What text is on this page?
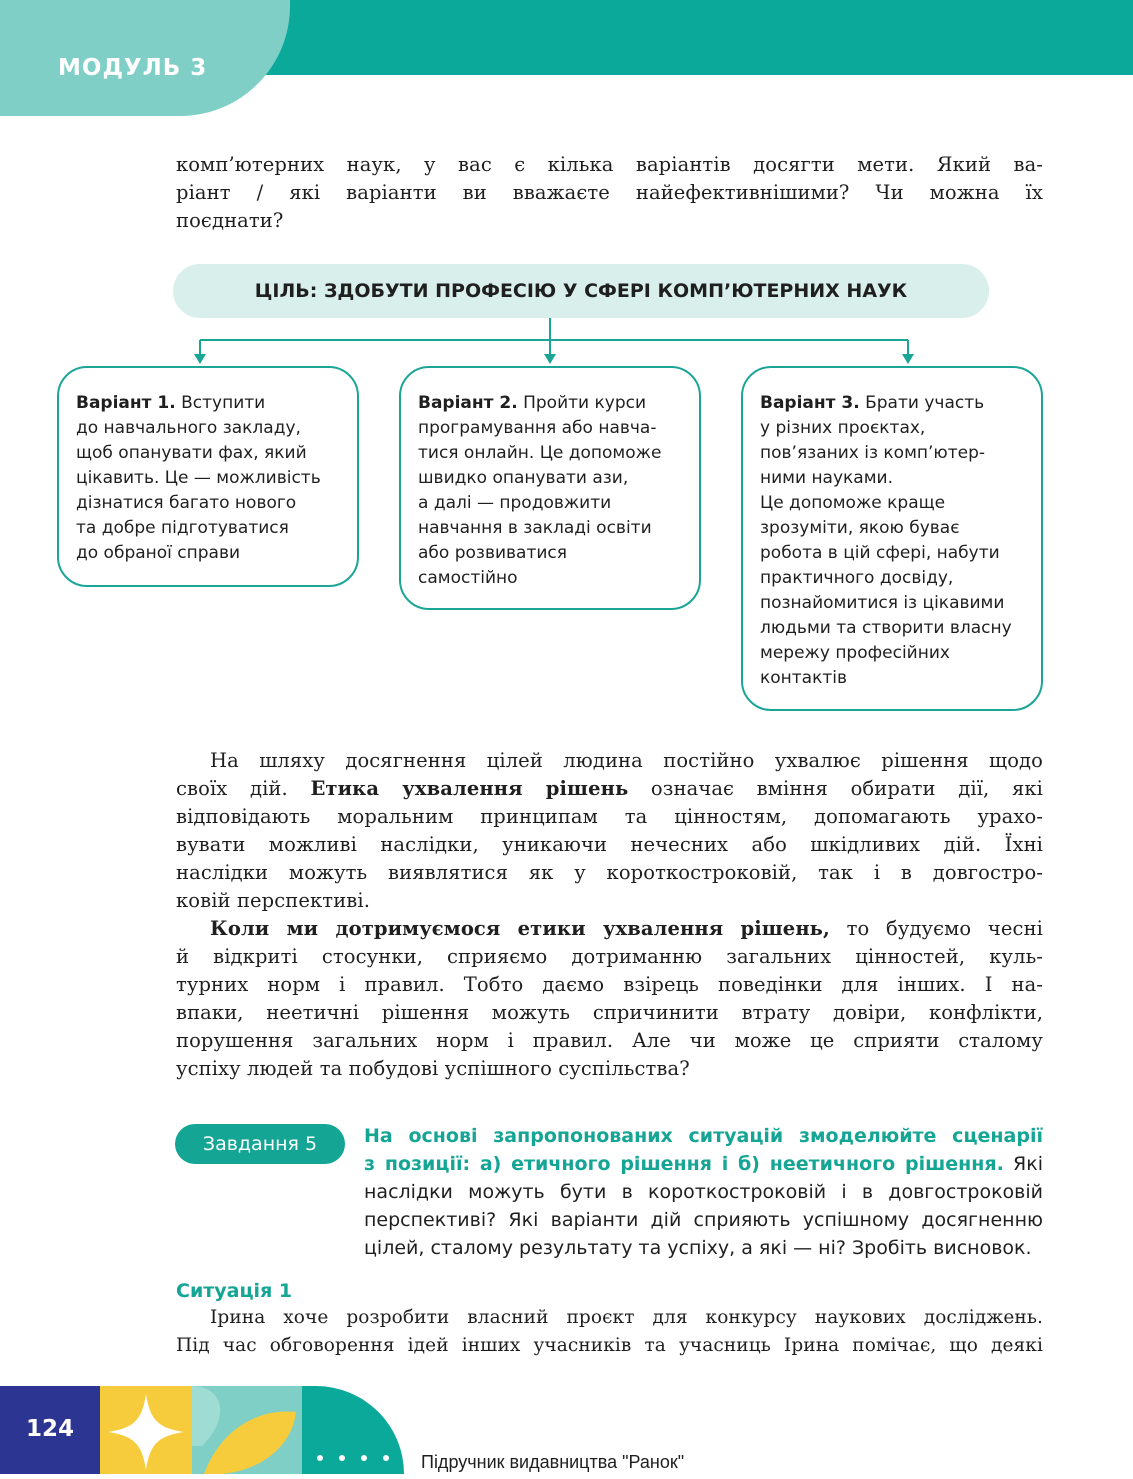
МОДУЛЬ 3
комп’ютерних наук, у вас є кілька варіантів досягти мети. Який ва-
ріант / які варіанти ви вважаєте найефективнішими? Чи можна їх
поєднати?
ЦІЛЬ: ЗДОБУТИ ПРОФЕСІЮ У СФЕРІ КОМП’ЮТЕРНИХ НАУК
Варіант 1. Вступити
до навчального закладу,
щоб опанувати фах, який
цікавить. Це — можливість
дізнатися багато нового
та добре підготуватися
до обраної справи
Варіант 2. Пройти курси
програмування або навча-
тися онлайн. Це допоможе
швидко опанувати ази,
а далі — продовжити
навчання в закладі освіти
або розвиватися
самостійно
Варіант 3. Брати участь
у різних проєктах,
пов’язаних із комп’ютер-
ними науками.
Це допоможе краще
зрозуміти, якою буває
робота в цій сфері, набути
практичного досвіду,
познайомитися із цікавими
людьми та створити власну
мережу професійних
контактів
На шляху досягнення цілей людина постійно ухвалює рішення щодо
своїх дій. Етика ухвалення рішень означає вміння обирати дії, які
відповідають моральним принципам та цінностям, допомагають урахо-
вувати можливі наслідки, уникаючи нечесних або шкідливих дій. Їхні
наслідки можуть виявлятися як у короткостроковій, так і в довгостро-
ковій перспективі.
Коли ми дотримуємося етики ухвалення рішень, то будуємо чесні
й відкриті стосунки, сприяємо дотриманню загальних цінностей, куль-
турних норм і правил. Тобто даємо взірець поведінки для інших. І на-
впаки, неетичні рішення можуть спричинити втрату довіри, конфлікти,
порушення загальних норм і правил. Але чи може це сприяти сталому
успіху людей та побудові успішного суспільства?
Завдання 5	На основі запропонованих ситуацій змоделюйте сценарії
з позиції: а) етичного рішення і б) неетичного рішення. Які
наслідки можуть бути в короткостроковій і в довгостроковій
перспективі? Які варіанти дій сприяють успішному досягненню
цілей, сталому результату та успіху, а які — ні? Зробіть висновок.
Ситуація 1
Ірина хоче розробити власний проєкт для конкурсу наукових досліджень.
Під час обговорення ідей інших учасників та учасниць Ірина помічає, що деякі
124
Підручник видавництва "Ранок"
